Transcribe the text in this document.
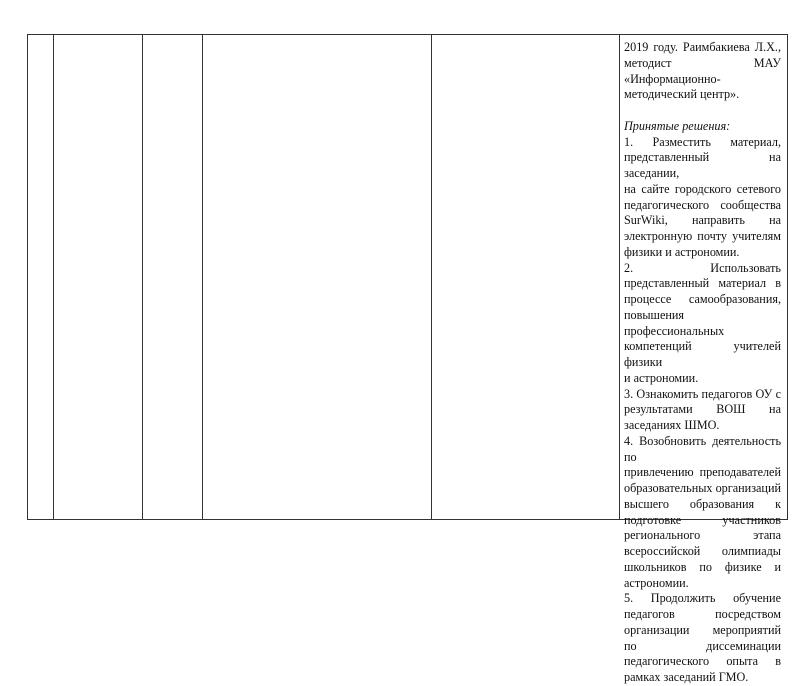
2019 году. Раимбакиева Л.Х.,
методист МАУ
«Информационно-
методический центр».
Принятые решения:
1. Разместить материал,
представленный на заседании,
на сайте городского сетевого
педагогического сообщества
SurWiki, направить на
электронную почту учителям
физики и астрономии.
2. Использовать
представленный материал в
процессе самообразования,
повышения профессиональных
компетенций учителей физики
и астрономии.
3. Ознакомить педагогов ОУ с
результатами ВОШ на
заседаниях ШМО.
4. Возобновить деятельность по
привлечению преподавателей
образовательных организаций
высшего образования к
подготовке участников
регионального этапа
всероссийской олимпиады
школьников по физике и
астрономии.
5. Продолжить обучение
педагогов посредством
организации мероприятий
по диссеминации
педагогического опыта в
рамках заседаний ГМО.
